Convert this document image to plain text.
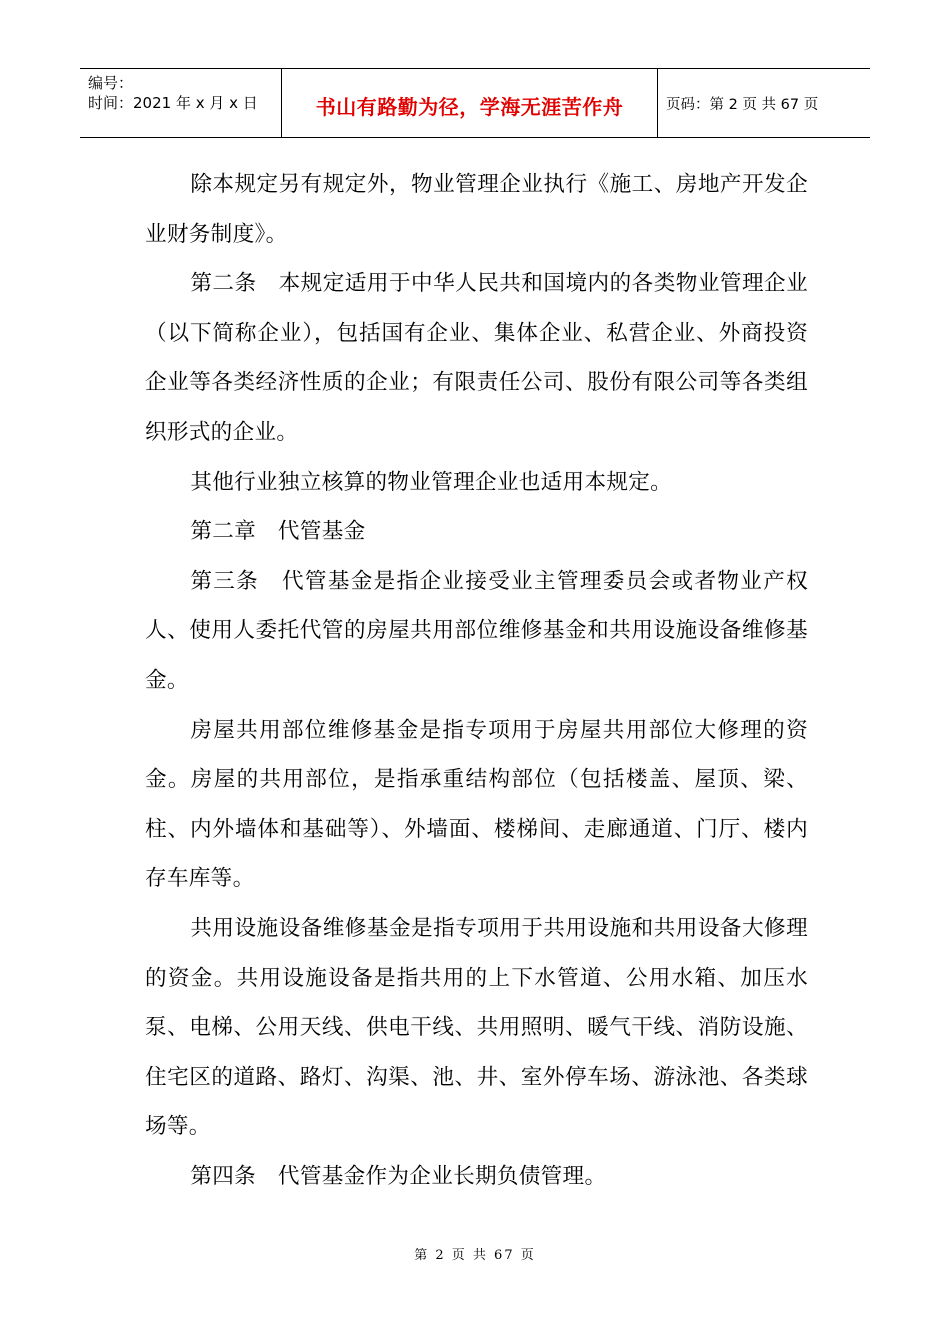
编号：
时间：2021 年 x 月 x 日	书山有路勤为径，学海无涯苦作舟	页码：第 2 页 共 67 页

除本规定另有规定外，物业管理企业执行《施工、房地产开发企业财务制度》。

第二条　本规定适用于中华人民共和国境内的各类物业管理企业（以下简称企业），包括国有企业、集体企业、私营企业、外商投资企业等各类经济性质的企业；有限责任公司、股份有限公司等各类组织形式的企业。

其他行业独立核算的物业管理企业也适用本规定。

第二章　代管基金

第三条　代管基金是指企业接受业主管理委员会或者物业产权人、使用人委托代管的房屋共用部位维修基金和共用设施设备维修基金。

房屋共用部位维修基金是指专项用于房屋共用部位大修理的资金。房屋的共用部位，是指承重结构部位（包括楼盖、屋顶、梁、柱、内外墙体和基础等）、外墙面、楼梯间、走廊通道、门厅、楼内存车库等。

共用设施设备维修基金是指专项用于共用设施和共用设备大修理的资金。共用设施设备是指共用的上下水管道、公用水箱、加压水泵、电梯、公用天线、供电干线、共用照明、暖气干线、消防设施、住宅区的道路、路灯、沟渠、池、井、室外停车场、游泳池、各类球场等。

第四条　代管基金作为企业长期负债管理。

第 2 页 共 67 页
